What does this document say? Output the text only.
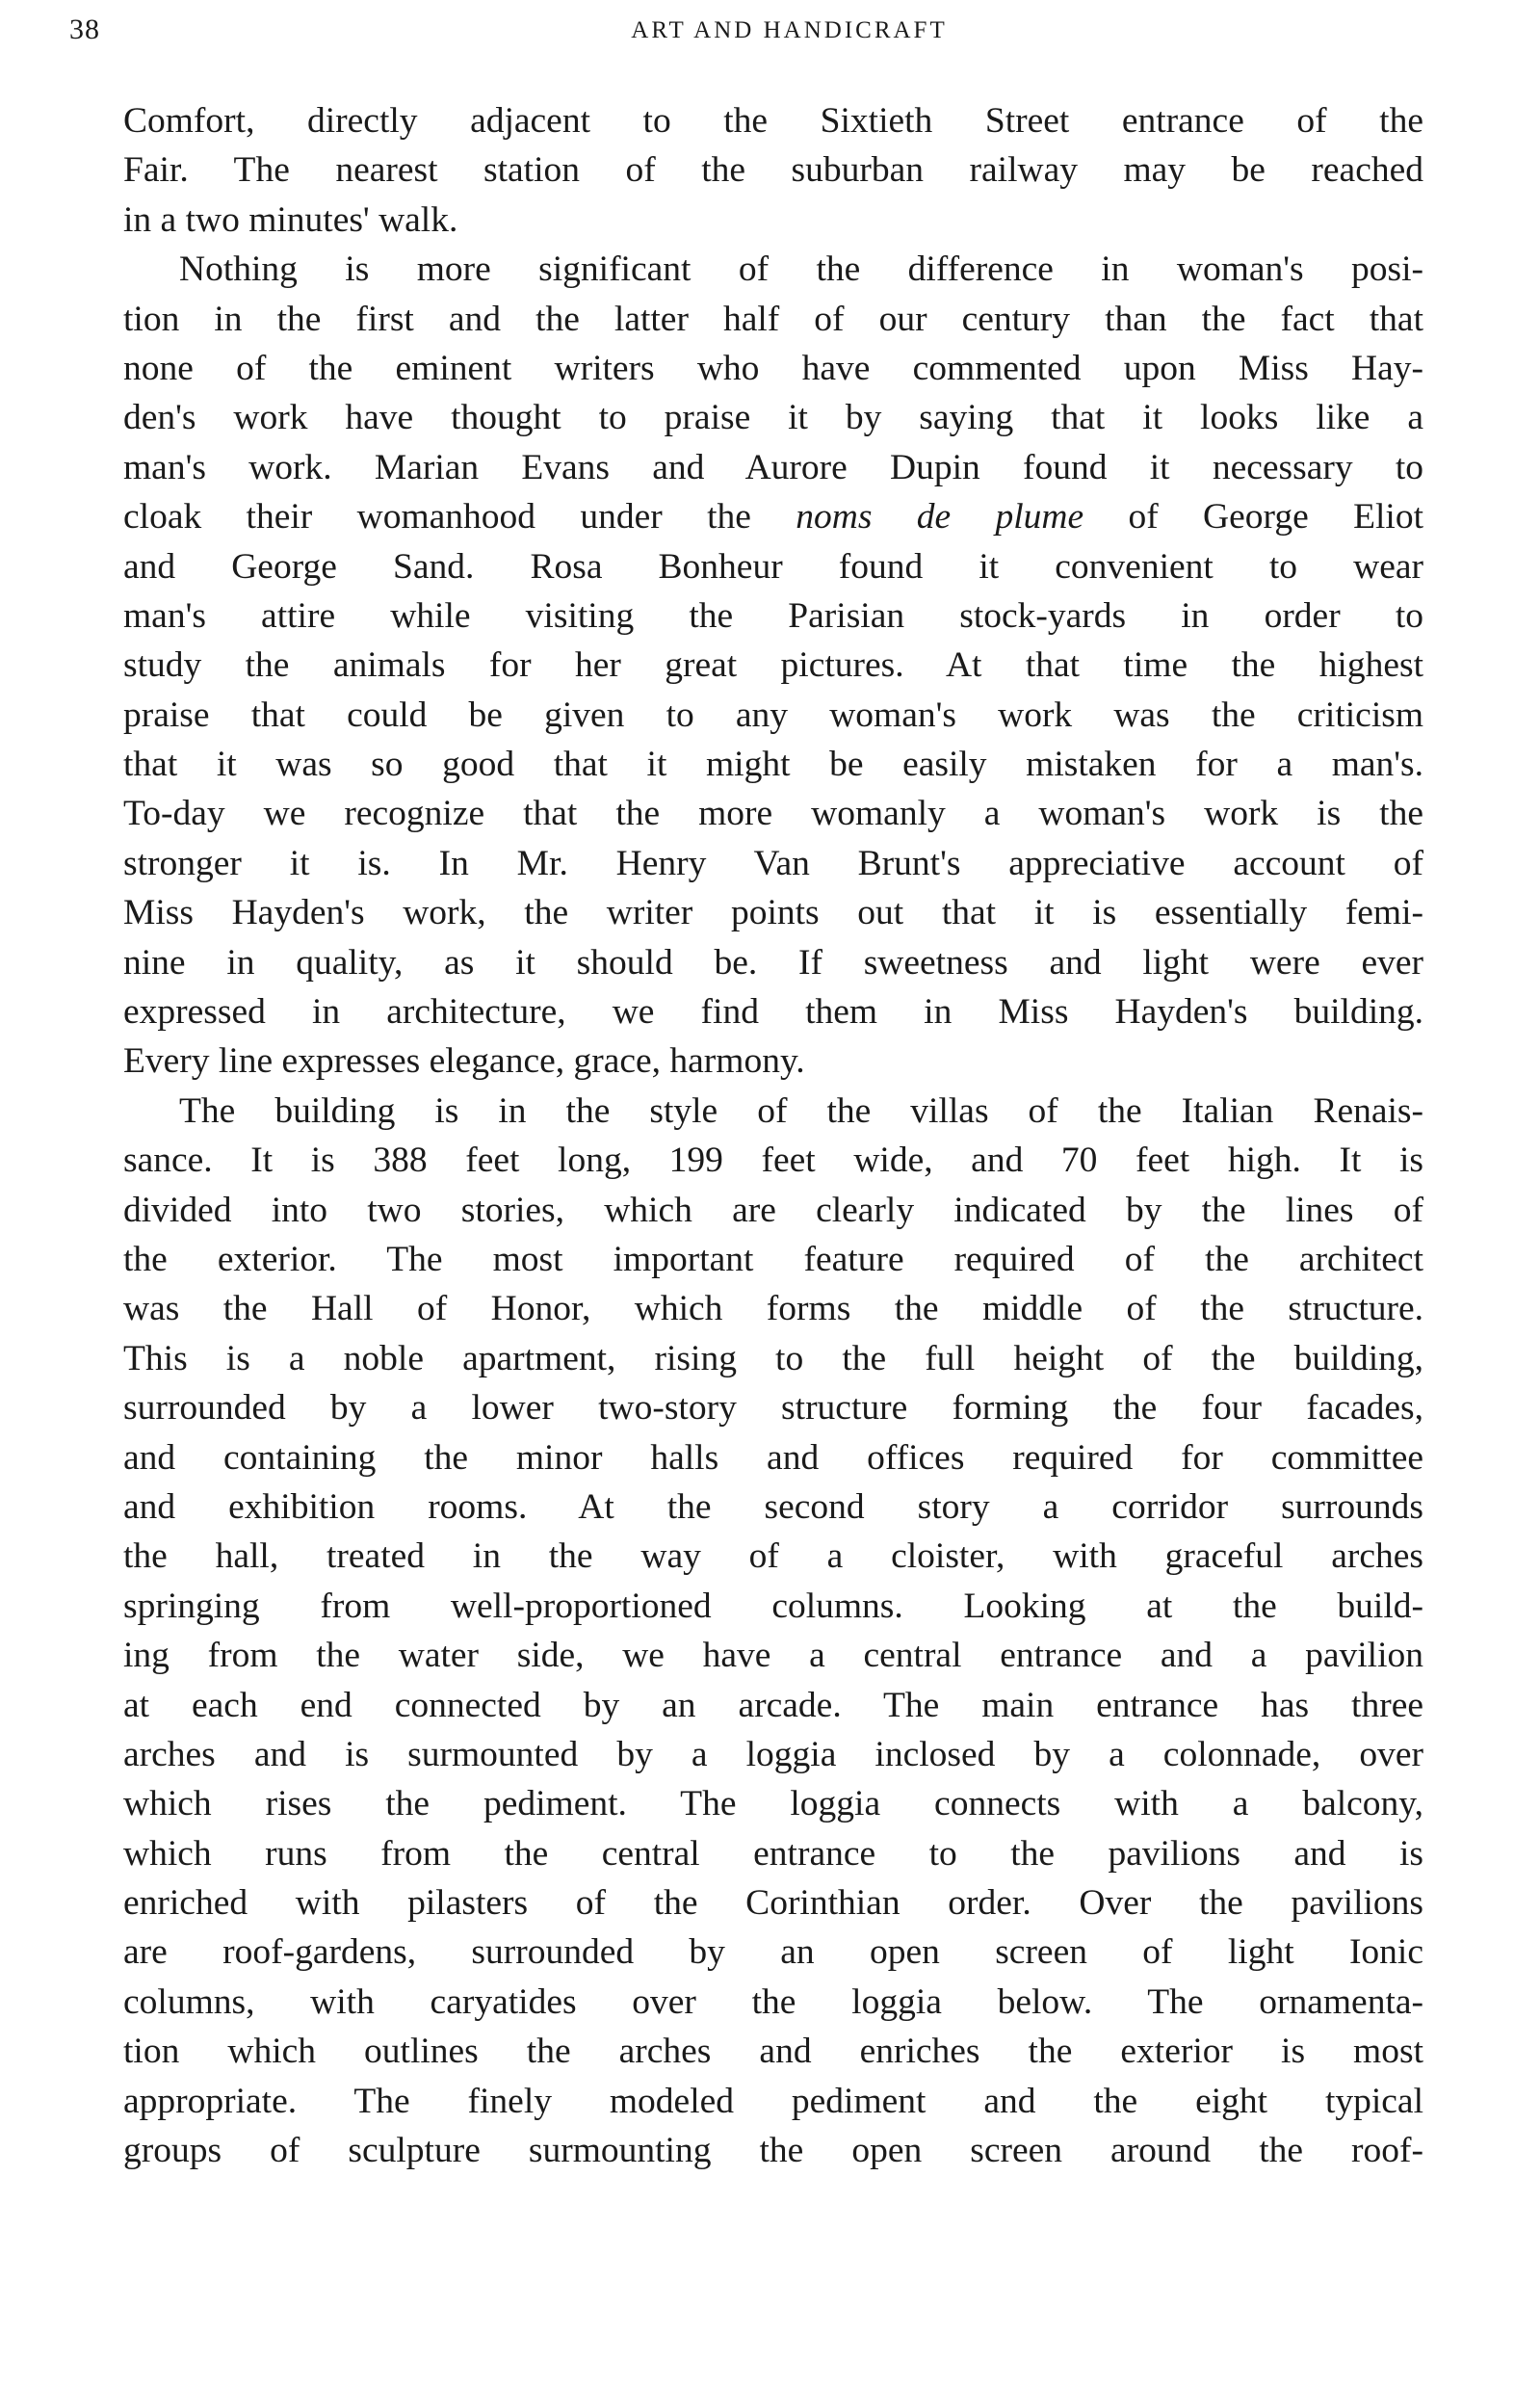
38	ART AND HANDICRAFT
Comfort, directly adjacent to the Sixtieth Street entrance of the
Fair. The nearest station of the suburban railway may be reached
in a two minutes' walk.
Nothing is more significant of the difference in woman's posi-
tion in the first and the latter half of our century than the fact that
none of the eminent writers who have commented upon Miss Hay-
den's work have thought to praise it by saying that it looks like a
man's work. Marian Evans and Aurore Dupin found it necessary to
cloak their womanhood under the noms de plume of George Eliot
and George Sand. Rosa Bonheur found it convenient to wear
man's attire while visiting the Parisian stock-yards in order to
study the animals for her great pictures. At that time the highest
praise that could be given to any woman's work was the criticism
that it was so good that it might be easily mistaken for a man's.
To-day we recognize that the more womanly a woman's work is the
stronger it is. In Mr. Henry Van Brunt's appreciative account of
Miss Hayden's work, the writer points out that it is essentially femi-
nine in quality, as it should be. If sweetness and light were ever
expressed in architecture, we find them in Miss Hayden's building.
Every line expresses elegance, grace, harmony.
The building is in the style of the villas of the Italian Renais-
sance. It is 388 feet long, 199 feet wide, and 70 feet high. It is
divided into two stories, which are clearly indicated by the lines of
the exterior. The most important feature required of the architect
was the Hall of Honor, which forms the middle of the structure.
This is a noble apartment, rising to the full height of the building,
surrounded by a lower two-story structure forming the four facades,
and containing the minor halls and offices required for committee
and exhibition rooms. At the second story a corridor surrounds
the hall, treated in the way of a cloister, with graceful arches
springing from well-proportioned columns. Looking at the build-
ing from the water side, we have a central entrance and a pavilion
at each end connected by an arcade. The main entrance has three
arches and is surmounted by a loggia inclosed by a colonnade, over
which rises the pediment. The loggia connects with a balcony,
which runs from the central entrance to the pavilions and is
enriched with pilasters of the Corinthian order. Over the pavilions
are roof-gardens, surrounded by an open screen of light Ionic
columns, with caryatides over the loggia below. The ornamenta-
tion which outlines the arches and enriches the exterior is most
appropriate. The finely modeled pediment and the eight typical
groups of sculpture surmounting the open screen around the roof-
